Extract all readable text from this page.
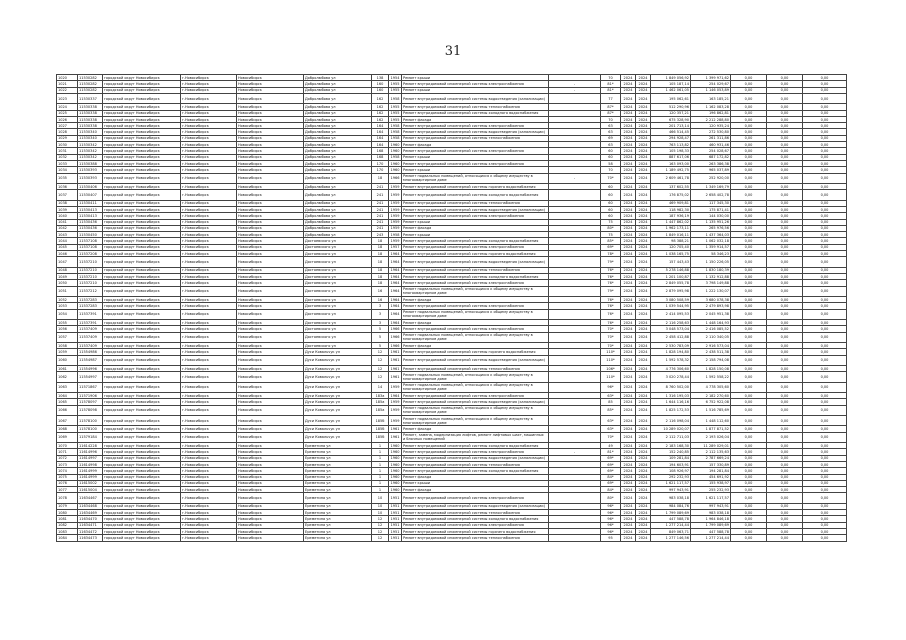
31
1020	11530282	городской округ Новосибирск	г.Новосибирск	Новосибирск	Добролюбова ул	138	1954	Ремонт крыши		70	2024	2024	1 849 056,92	1 399 971,62	0,00	0,00	0,00
1021	11530282	городской округ Новосибирск	г.Новосибирск	Новосибирск	Добролюбова ул	160	1955	Ремонт внутридомовой инженерной системы электроснабжения	-	81*	2024	2024	105 187,14	254 029,67	0,00	0,00	0,00
1022	11530282	городской округ Новосибирск	г.Новосибирск	Новосибирск	Добролюбова ул	160	1955	Ремонт крыши	-	81*	2024	2024	1 462 061,05	1 146 053,89	0,00	0,00	0,00
1023	11530337	городской округ Новосибирск	г.Новосибирск	Новосибирск	Добролюбова ул	162	1958	Ремонт внутридомовой инженерной системы водоотведения (канализации)		77	2024	2024	195 062,61	163 185,21	0,00	0,00	0,00
1024	11530338	городской округ Новосибирск	г.Новосибирск	Новосибирск	Добролюбова ул	162	1955	Ремонт внутридомовой инженерной системы теплоснабжения		87*	2024	2024	512 290,96	1 162 083,28	0,00	0,00	0,00
1025	11530338	городской округ Новосибирск	г.Новосибирск	Новосибирск	Добролюбова ул	162	1955	Ремонт внутридомовой инженерной системы холодного водоснабжения		87*	2024	2024	120 357,21	196 862,81	0,00	0,00	0,00
1026	11530338	городской округ Новосибирск	г.Новосибирск	Новосибирск	Добролюбова ул	162	1955	Ремонт фасада		70	2024	2024	675 328,90	2 212 288,80	0,00	0,00	0,00
1027	11530338	городской округ Новосибирск	г.Новосибирск	Новосибирск	Добролюбова ул	164	1958	Ремонт внутридомовой инженерной системы электроснабжения		63	2024	2024	201 713,14	120 935,24	0,00	0,00	0,00
1028	11530340	городской округ Новосибирск	г.Новосибирск	Новосибирск	Добролюбова ул	164	1958	Ремонт внутридомовой инженерной системы водоотведения (канализации)		63	2024	2024	466 514,45	272 530,80	0,00	0,00	0,00
1029	11530340	городской округ Новосибирск	г.Новосибирск	Новосибирск	Добролюбова ул	164	1958	Ремонт внутридомовой инженерной системы теплоснабжения		69	2024	2024	294 928,47	261 311,86	0,00	0,00	0,00
1030	11530342	городской округ Новосибирск	г.Новосибирск	Новосибирск	Добролюбова ул	164	1960	Ремонт фасада		63	2024	2024	763 113,82	460 931,46	0,00	0,00	0,00
1031	11530342	городской округ Новосибирск	г.Новосибирск	Новосибирск	Добролюбова ул	168	1960	Ремонт внутридомовой инженерной системы электроснабжения		60	2024	2024	105 198,33	254 028,67	0,00	0,00	0,00
1032	11530342	городской округ Новосибирск	г.Новосибирск	Новосибирск	Добролюбова ул	168	1958	Ремонт крыши		60	2024	2024	887 617,06	687 172,82	0,00	0,00	0,00
1033	11530388	городской округ Новосибирск	г.Новосибирск	Новосибирск	Добролюбова ул	170	1960	Ремонт внутридомовой инженерной системы электроснабжения		58	2024	2024	163 093,00	263 386,38	0,00	0,00	0,00
1034	11530393	городской округ Новосибирск	г.Новосибирск	Новосибирск	Добролюбова ул	170	1960	Ремонт крыши		70	2024	2024	1 189 492,75	965 037,89	0,00	0,00	0,00
1035	11530393	городской округ Новосибирск	г.Новосибирск	Новосибирск	Добролюбова ул	18	1966	Ремонт подвальных помещений, относящихся к общему имуществу в многоквартирном доме	-	70*	2024	2024	2 609 461,78	252 920,00	0,00	0,00	0,00
1036	11530406	городской округ Новосибирск	г.Новосибирск	Новосибирск	Добролюбова ул	241	1959	Ремонт внутридомовой инженерной системы горячего водоснабжения		60	2024	2024	137 602,55	1 349 169,79	0,00	0,00	0,00
1037	11530407	городской округ Новосибирск	г.Новосибирск	Новосибирск	Добролюбова ул	241	1959	Ремонт внутридомовой инженерной системы холодного водоснабжения		60	2024	2024	176 875,02	2 658 402,78	0,00	0,00	0,00
1038	11530411	городской округ Новосибирск	г.Новосибирск	Новосибирск	Добролюбова ул	241	1959	Ремонт внутридомовой инженерной системы теплоснабжения		60	2024	2024	469 909,81	117 345,30	0,00	0,00	0,00
1039	11530413	городской округ Новосибирск	г.Новосибирск	Новосибирск	Добролюбова ул	241	1959	Ремонт внутридомовой инженерной системы водоотведения (канализации)		60	2024	2024	118 982,30	175 871,41	0,00	0,00	0,00
1040	11530413	городской округ Новосибирск	г.Новосибирск	Новосибирск	Добролюбова ул	241	1959	Ремонт внутридомовой инженерной системы электроснабжения		60	2024	2024	187 936,19	144 030,00	0,00	0,00	0,00
1041	11530436	городской округ Новосибирск	г.Новосибирск	Новосибирск	Добролюбова ул	241	1959	Ремонт крыши		75	2024	2024	1 447 862,02	1 135 951,26	0,00	0,00	0,00
1042	11530436	городской округ Новосибирск	г.Новосибирск	Новосибирск	Добролюбова ул	241	1959	Ремонт фасада		80*	2024	2024	1 962 173,11	265 976,56	0,00	0,00	0,00
1043	11530450	городской округ Новосибирск	г.Новосибирск	Новосибирск	Добролюбова ул	243	1958	Ремонт крыши		75	2024	2024	1 849 016,11	1 437 364,03	0,00	0,00	0,00
1044	11537108	городской округ Новосибирск	г.Новосибирск	Новосибирск	Достоевского ул	18	1959	Ремонт внутридомовой инженерной системы холодного водоснабжения		85*	2024	2024	98 388,21	1 062 032,18	0,00	0,00	0,00
1045	11537108	городской округ Новосибирск	г.Новосибирск	Новосибирск	Достоевского ул	18	1957	Ремонт внутридомовой инженерной системы электроснабжения		69*	2024	2024	120 705,40	1 359 914,57	0,00	0,00	0,00
1046	11537208	городской округ Новосибирск	г.Новосибирск	Новосибирск	Достоевского ул	18	1964	Ремонт внутридомовой инженерной системы горячего водоснабжения		78*	2024	2024	1 038 165,75	58 346,23	0,00	0,00	0,00
1047	11537210	городской округ Новосибирск	г.Новосибирск	Новосибирск	Достоевского ул	18	1964	Ремонт внутридомовой инженерной системы водоотведения (канализации)		79*	2024	2024	157 443,43	1 150 226,05	0,00	0,00	0,00
1048	11537210	городской округ Новосибирск	г.Новосибирск	Новосибирск	Достоевского ул	18	1964	Ремонт внутридомовой инженерной системы теплоснабжения		76*	2024	2024	5 278 146,88	1 830 180,39	0,00	0,00	0,00
1049	11537210	городской округ Новосибирск	г.Новосибирск	Новосибирск	Достоевского ул	18	1964	Ремонт внутридомовой инженерной системы холодного водоснабжения		76*	2024	2024	1 201 100,87	1 132 912,88	0,00	0,00	0,00
1050	11537210	городской округ Новосибирск	г.Новосибирск	Новосибирск	Достоевского ул	18	1964	Ремонт внутридомовой инженерной системы электроснабжения		76*	2024	2024	2 849 055,78	3 798 149,88	0,00	0,00	0,00
1051	11537212	городской округ Новосибирск	г.Новосибирск	Новосибирск	Достоевского ул	16	1964	Ремонт подвальных помещений, относящихся к общему имуществу в многоквартирном доме		79*	2024	2024	2 879 095,98	1 222 130,07	0,00	0,00	0,00
1052	11537283	городской округ Новосибирск	г.Новосибирск	Новосибирск	Достоевского ул	16	1964	Ремонт фасада		76*	2024	2024	3 080 508,59	3 680 078,38	0,00	0,00	0,00
1053	11537283	городской округ Новосибирск	г.Новосибирск	Новосибирск	Достоевского ул	3	1964	Ремонт внутридомовой инженерной системы электроснабжения		76*	2024	2024	1 039 544,95	2 479 893,98	0,00	0,00	0,00
1054	11537391	городской округ Новосибирск	г.Новосибирск	Новосибирск	Достоевского ул	3	1964	Ремонт подвальных помещений, относящихся к общему имуществу в многоквартирном доме		76*	2024	2024	2 414 095,53	2 045 951,38	0,00	0,00	0,00
1055	11537391	городской округ Новосибирск	г.Новосибирск	Новосибирск	Достоевского ул	3	1964	Ремонт фасада		76*	2024	2024	2 116 258,63	1 448 164,93	0,00	0,00	0,00
1056	11537409	городской округ Новосибирск	г.Новосибирск	Новосибирск	Достоевского ул	5	1966	Ремонт внутридомовой инженерной системы электроснабжения		70*	2024	2024	3 048 573,04	2 416 085,52	0,00	0,00	0,00
1057	11537409	городской округ Новосибирск	г.Новосибирск	Новосибирск	Достоевского ул	5	1966	Ремонт подвальных помещений, относящихся к общему имуществу в многоквартирном доме		70*	2024	2024	2 458 412,88	2 110 340,05	0,00	0,00	0,00
1058	11537409	городской округ Новосибирск	г.Новосибирск	Новосибирск	Достоевского ул	5	1966	Ремонт фасада		70*	2024	2024	2 530 783,09	2 916 573,04	0,00	0,00	0,00
1059	11554986	городской округ Новосибирск	г.Новосибирск	Новосибирск	Дуси Ковальчук ул	12	1961	Ремонт внутридомовой инженерной системы горячего водоснабжения		110*	2024	2024	1 828 194,80	2 438 511,38	0,00	0,00	0,00
1060	11554987	городской округ Новосибирск	г.Новосибирск	Новосибирск	Дуси Ковальчук ул	12	1961	Ремонт внутридомовой инженерной системы водоотведения (канализации)		110*	2024	2024	1 592 578,32	2 158 794,08	0,00	0,00	0,00
1061	11554996	городской округ Новосибирск	г.Новосибирск	Новосибирск	Дуси Ковальчук ул	12	1961	Ремонт внутридомовой инженерной системы теплоснабжения		106*	2024	2024	4 776 306,60	1 828 150,08	0,00	0,00	0,00
1062	11554997	городской округ Новосибирск	г.Новосибирск	Новосибирск	Дуси Ковальчук ул	12	1961	Ремонт подвальных помещений, относящихся к общему имуществу в многоквартирном доме		110*	2024	2024	3 020 278,44	1 592 558,22	0,00	0,00	0,00
1063	11571867	городской округ Новосибирск	г.Новосибирск	Новосибирск	Дуси Ковальчук ул	14	1959	Ремонт подвальных помещений, относящихся к общему имуществу в многоквартирном доме		96*	2024	2024	8 760 502,00	4 778 305,60	0,00	0,00	0,00
1064	11571906	городской округ Новосибирск	г.Новосибирск	Новосибирск	Дуси Ковальчук ул	183а	1964	Ремонт внутридомовой инженерной системы электроснабжения		63*	2024	2024	1 316 195,03	2 182 270,60	0,00	0,00	0,00
1065	11578097	городской округ Новосибирск	г.Новосибирск	Новосибирск	Дуси Ковальчук ул	185а	1959	Ремонт внутридомовой инженерной системы водоотведения (канализации)		85	2024	2024	1 644 116,16	6 752 922,08	0,00	0,00	0,00
1066	11578098	городской округ Новосибирск	г.Новосибирск	Новосибирск	Дуси Ковальчук ул	185а	1959	Ремонт подвальных помещений, относящихся к общему имуществу в многоквартирном доме		85*	2024	2024	1 825 172,53	1 516 785,69	0,00	0,00	0,00
1067	11578100	городской округ Новосибирск	г.Новосибирск	Новосибирск	Дуси Ковальчук ул	185б	1959	Ремонт подвальных помещений, относящихся к общему имуществу в многоквартирном доме		63*	2024	2024	2 116 098,04	1 448 112,60	0,00	0,00	0,00
1068	11578100	городской округ Новосибирск	г.Новосибирск	Новосибирск	Дуси Ковальчук ул	185б	1961	Ремонт фасада		63*	2024	2024	10 289 020,07	1 877 871,52	0,00	0,00	0,00
1069	11579184	городской округ Новосибирск	г.Новосибирск	Новосибирск	Дуси Ковальчук ул	185б	1961	Ремонт, замена, модернизация лифтов, ремонт лифтовых шахт, машинных и блочных помещений		70*	2024	2024	2 112 711,03	2 193 026,04	0,00	0,00	0,00
1070	11614228	городской округ Новосибирск	г.Новосибирск	Новосибирск	Ереметина ул	1	1960	Ремонт внутридомовой инженерной системы холодного водоснабжения		49	2024	2024	2 183 168,30	11 289 029,01	0,00	0,00	0,00
1071	11614996	городской округ Новосибирск	г.Новосибирск	Новосибирск	Ереметина ул	1	1960	Ремонт внутридомовой инженерной системы электроснабжения	-	81*	2024	2024	152 240,85	2 112 135,63	0,00	0,00	0,00
1072	11614997	городской округ Новосибирск	г.Новосибирск	Новосибирск	Ереметина ул	1	1960	Ремонт внутридомовой инженерной системы водоотведения (канализации)		69*	2024	2024	109 281,84	2 787 669,24	0,00	0,00	0,00
1073	11614998	городской округ Новосибирск	г.Новосибирск	Новосибирск	Ереметина ул	1	1960	Ремонт внутридомовой инженерной системы теплоснабжения		69*	2024	2024	194 603,91	157 330,89	0,00	0,00	0,00
1074	11614999	городской округ Новосибирск	г.Новосибирск	Новосибирск	Ереметина ул	1	1960	Ремонт внутридомовой инженерной системы холодного водоснабжения		69*	2024	2024	108 926,97	194 281,84	0,00	0,00	0,00
1075	11614999	городской округ Новосибирск	г.Новосибирск	Новосибирск	Ереметина ул	1	1960	Ремонт фасада		84*	2024	2024	292 232,93	454 691,92	0,00	0,00	0,00
1076	11615002	городской округ Новосибирск	г.Новосибирск	Новосибирск	Ереметина ул	1	1960	Ремонт крыши		69*	2024	2024	1 621 117,57	155 938,97	0,00	0,00	0,00
1077	11615004	городской округ Новосибирск	г.Новосибирск	Новосибирск	Ереметина ул	1	1960	Ремонт фасада		84*	2024	2024	997 943,91	255 232,93	0,00	0,00	0,00
1078	11634467	городской округ Новосибирск	г.Новосибирск	Новосибирск	Ереметина ул	10	1951	Ремонт внутридомовой инженерной системы электроснабжения		80*	2024	2024	983 038,18	1 621 117,57	0,00	0,00	0,00
1079	11634468	городской округ Новосибирск	г.Новосибирск	Новосибирск	Ереметина ул	10	1951	Ремонт внутридомовой инженерной системы водоотведения (канализации)		96*	2024	2024	984 084,76	997 943,91	0,00	0,00	0,00
1080	11634469	городской округ Новосибирск	г.Новосибирск	Новосибирск	Ереметина ул	10	1951	Ремонт внутридомовой инженерной системы теплоснабжения		96*	2024	2024	1 799 089,69	983 038,18	0,00	0,00	0,00
1081	11634470	городской округ Новосибирск	г.Новосибирск	Новосибирск	Ереметина ул	12	1951	Ремонт внутридомовой инженерной системы холодного водоснабжения		96*	2024	2024	447 588,78	1 964 846,18	0,00	0,00	0,00
1082	11634471	городской округ Новосибирск	г.Новосибирск	Новосибирск	Ереметина ул	12	1951	Ремонт внутридомовой инженерной системы электроснабжения		96*	2024	2024	1 277 214,44	1 799 089,69	0,00	0,00	0,00
1083	11634472	городской округ Новосибирск	г.Новосибирск	Новосибирск	Ереметина ул	12	1951	Ремонт внутридомовой инженерной системы горячего водоснабжения		96*	2024	2024	849 063,71	447 588,78	0,00	0,00	0,00
1084	11634473	городской округ Новосибирск	г.Новосибирск	Новосибирск	Ереметина ул	12	1951	Ремонт внутридомовой инженерной системы теплоснабжения		95	2024	2024	1 277 146,56	1 277 214,44	0,00	0,00	0,00
